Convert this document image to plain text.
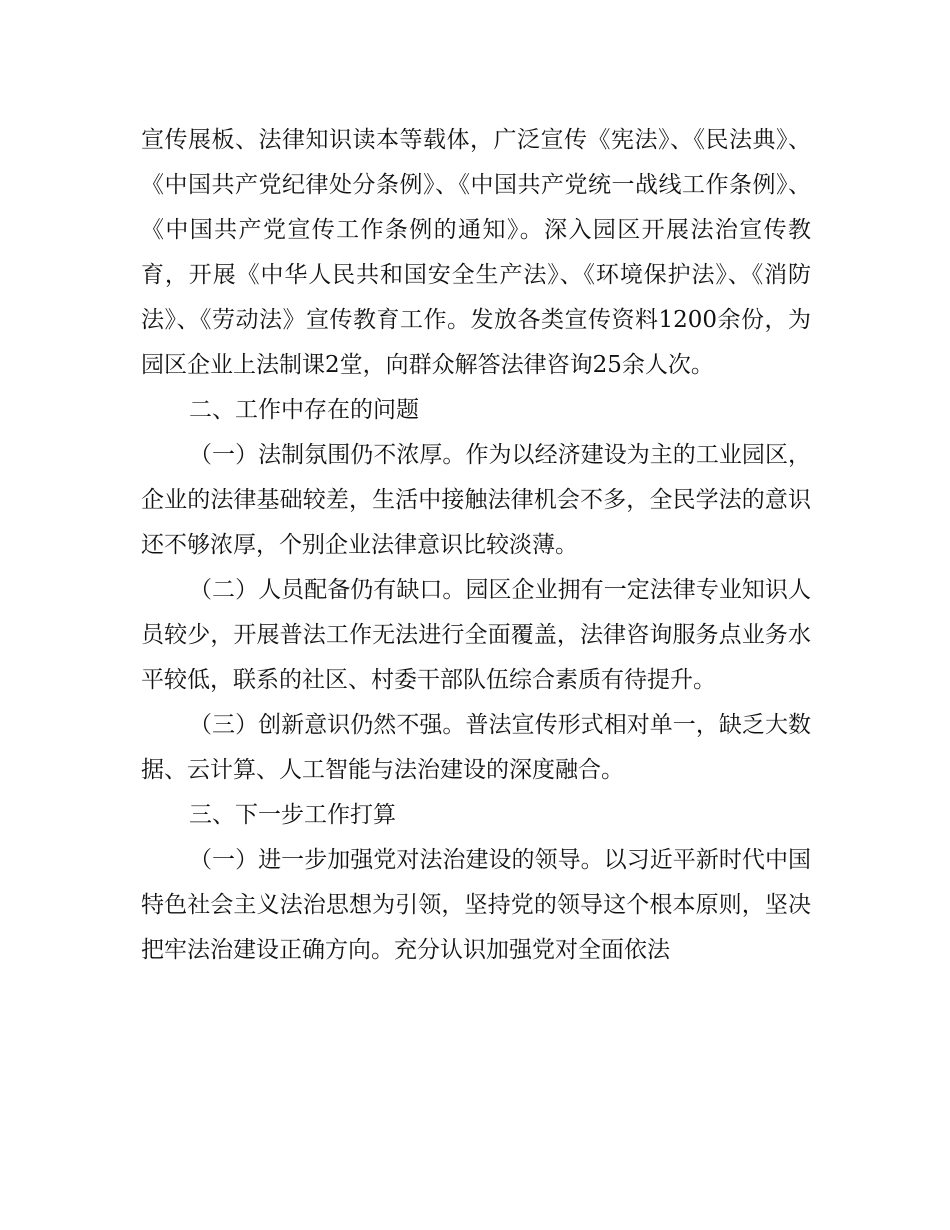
宣传展板、法律知识读本等载体，广泛宣传《宪法》、《民法典》、《中国共产党纪律处分条例》、《中国共产党统一战线工作条例》、《中国共产党宣传工作条例的通知》。深入园区开展法治宣传教育，开展《中华人民共和国安全生产法》、《环境保护法》、《消防法》、《劳动法》宣传教育工作。发放各类宣传资料1200余份，为园区企业上法制课2堂，向群众解答法律咨询25余人次。

二、工作中存在的问题

（一）法制氛围仍不浓厚。作为以经济建设为主的工业园区，企业的法律基础较差，生活中接触法律机会不多，全民学法的意识还不够浓厚，个别企业法律意识比较淡薄。

（二）人员配备仍有缺口。园区企业拥有一定法律专业知识人员较少，开展普法工作无法进行全面覆盖，法律咨询服务点业务水平较低，联系的社区、村委干部队伍综合素质有待提升。

（三）创新意识仍然不强。普法宣传形式相对单一，缺乏大数据、云计算、人工智能与法治建设的深度融合。

三、下一步工作打算

（一）进一步加强党对法治建设的领导。以习近平新时代中国特色社会主义法治思想为引领，坚持党的领导这个根本原则，坚决把牢法治建设正确方向。充分认识加强党对全面依法
